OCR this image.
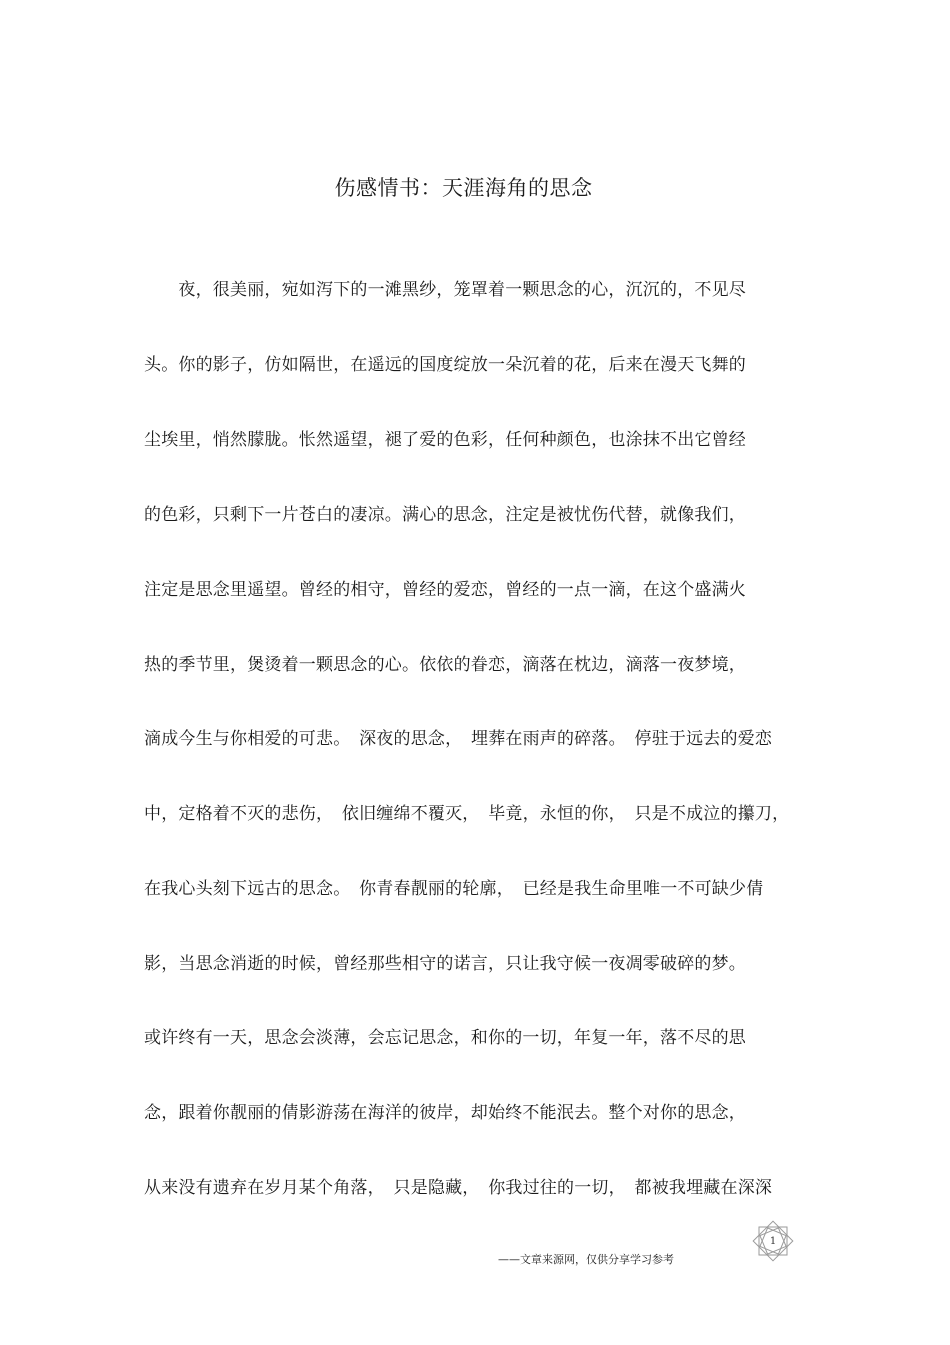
伤感情书：天涯海角的思念
　　夜，很美丽，宛如泻下的一滩黑纱，笼罩着一颗思念的心，沉沉的，不见尽
头。你的影子，仿如隔世，在遥远的国度绽放一朵沉着的花，后来在漫天飞舞的
尘埃里，悄然朦胧。怅然遥望，褪了爱的色彩，任何种颜色，也涂抹不出它曾经
的色彩，只剩下一片苍白的凄凉。满心的思念，注定是被忧伤代替，就像我们，
注定是思念里遥望。曾经的相守，曾经的爱恋，曾经的一点一滴，在这个盛满火
热的季节里，煲烫着一颗思念的心。依依的眷恋，滴落在枕边，滴落一夜梦境，
滴成今生与你相爱的可悲。　深夜的思念，　埋葬在雨声的碎落。　停驻于远去的爱恋
中，定格着不灭的悲伤，　依旧缠绵不覆灭，　毕竟，永恒的你，　只是不成泣的攥刀，
在我心头刻下远古的思念。　你青春靓丽的轮廓，　已经是我生命里唯一不可缺少倩
影，当思念消逝的时候，曾经那些相守的诺言，只让我守候一夜凋零破碎的梦。
或许终有一天，思念会淡薄，会忘记思念，和你的一切，年复一年，落不尽的思
念，跟着你靓丽的倩影游荡在海洋的彼岸，却始终不能泯去。整个对你的思念，
从来没有遗弃在岁月某个角落，　只是隐藏，　你我过往的一切，　都被我埋藏在深深
——文章来源网，仅供分享学习参考
1
